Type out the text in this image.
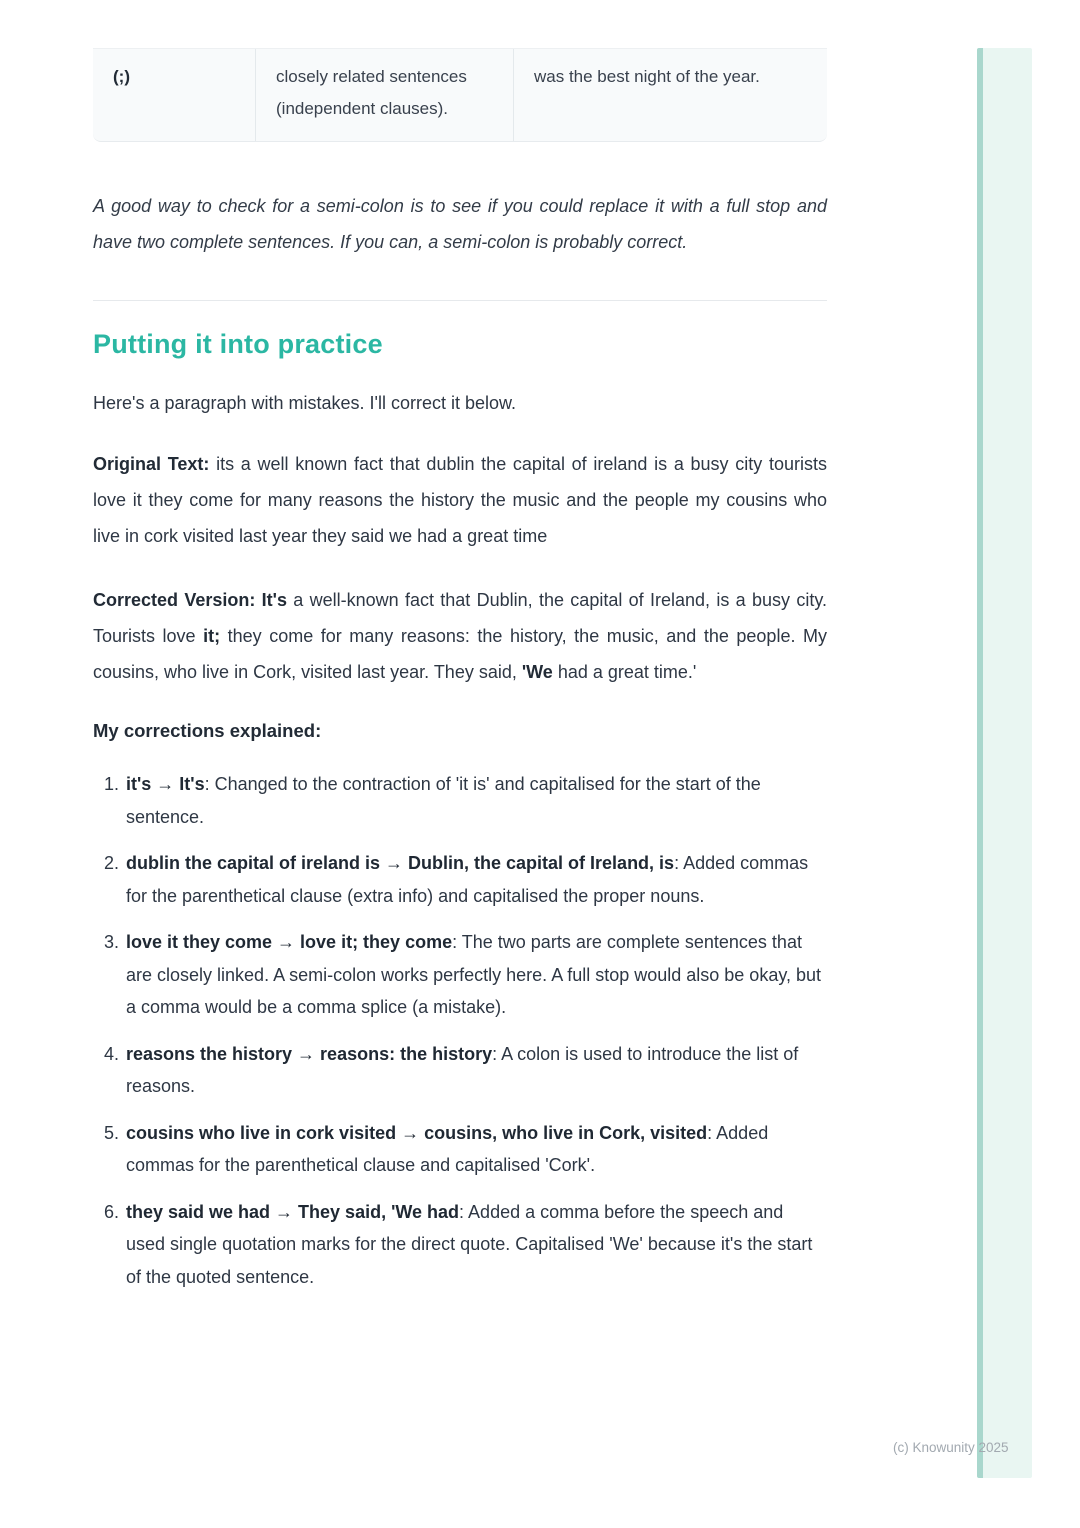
(;)	closely related sentences (independent clauses).
was the best night of the year.

A good way to check for a semi-colon is to see if you could replace it with a full stop and have two complete sentences. If you can, a semi-colon is probably correct.

Putting it into practice

Here's a paragraph with mistakes. I'll correct it below.

Original Text: its a well known fact that dublin the capital of ireland is a busy city tourists love it they come for many reasons the history the music and the people my cousins who live in cork visited last year they said we had a great time

Corrected Version: It's a well-known fact that Dublin, the capital of Ireland, is a busy city. Tourists love it; they come for many reasons: the history, the music, and the people. My cousins, who live in Cork, visited last year. They said, 'We had a great time.'

My corrections explained:
1. it's → It's: Changed to the contraction of 'it is' and capitalised for the start of the sentence.
2. dublin the capital of ireland is → Dublin, the capital of Ireland, is: Added commas for the parenthetical clause (extra info) and capitalised the proper nouns.
3. love it they come → love it; they come: The two parts are complete sentences that are closely linked. A semi-colon works perfectly here. A full stop would also be okay, but a comma would be a comma splice (a mistake).
4. reasons the history → reasons: the history: A colon is used to introduce the list of reasons.
5. cousins who live in cork visited → cousins, who live in Cork, visited: Added commas for the parenthetical clause and capitalised 'Cork'.
6. they said we had → They said, 'We had: Added a comma before the speech and used single quotation marks for the direct quote. Capitalised 'We' because it's the start of the quoted sentence.
(c) Knowunity 2025
